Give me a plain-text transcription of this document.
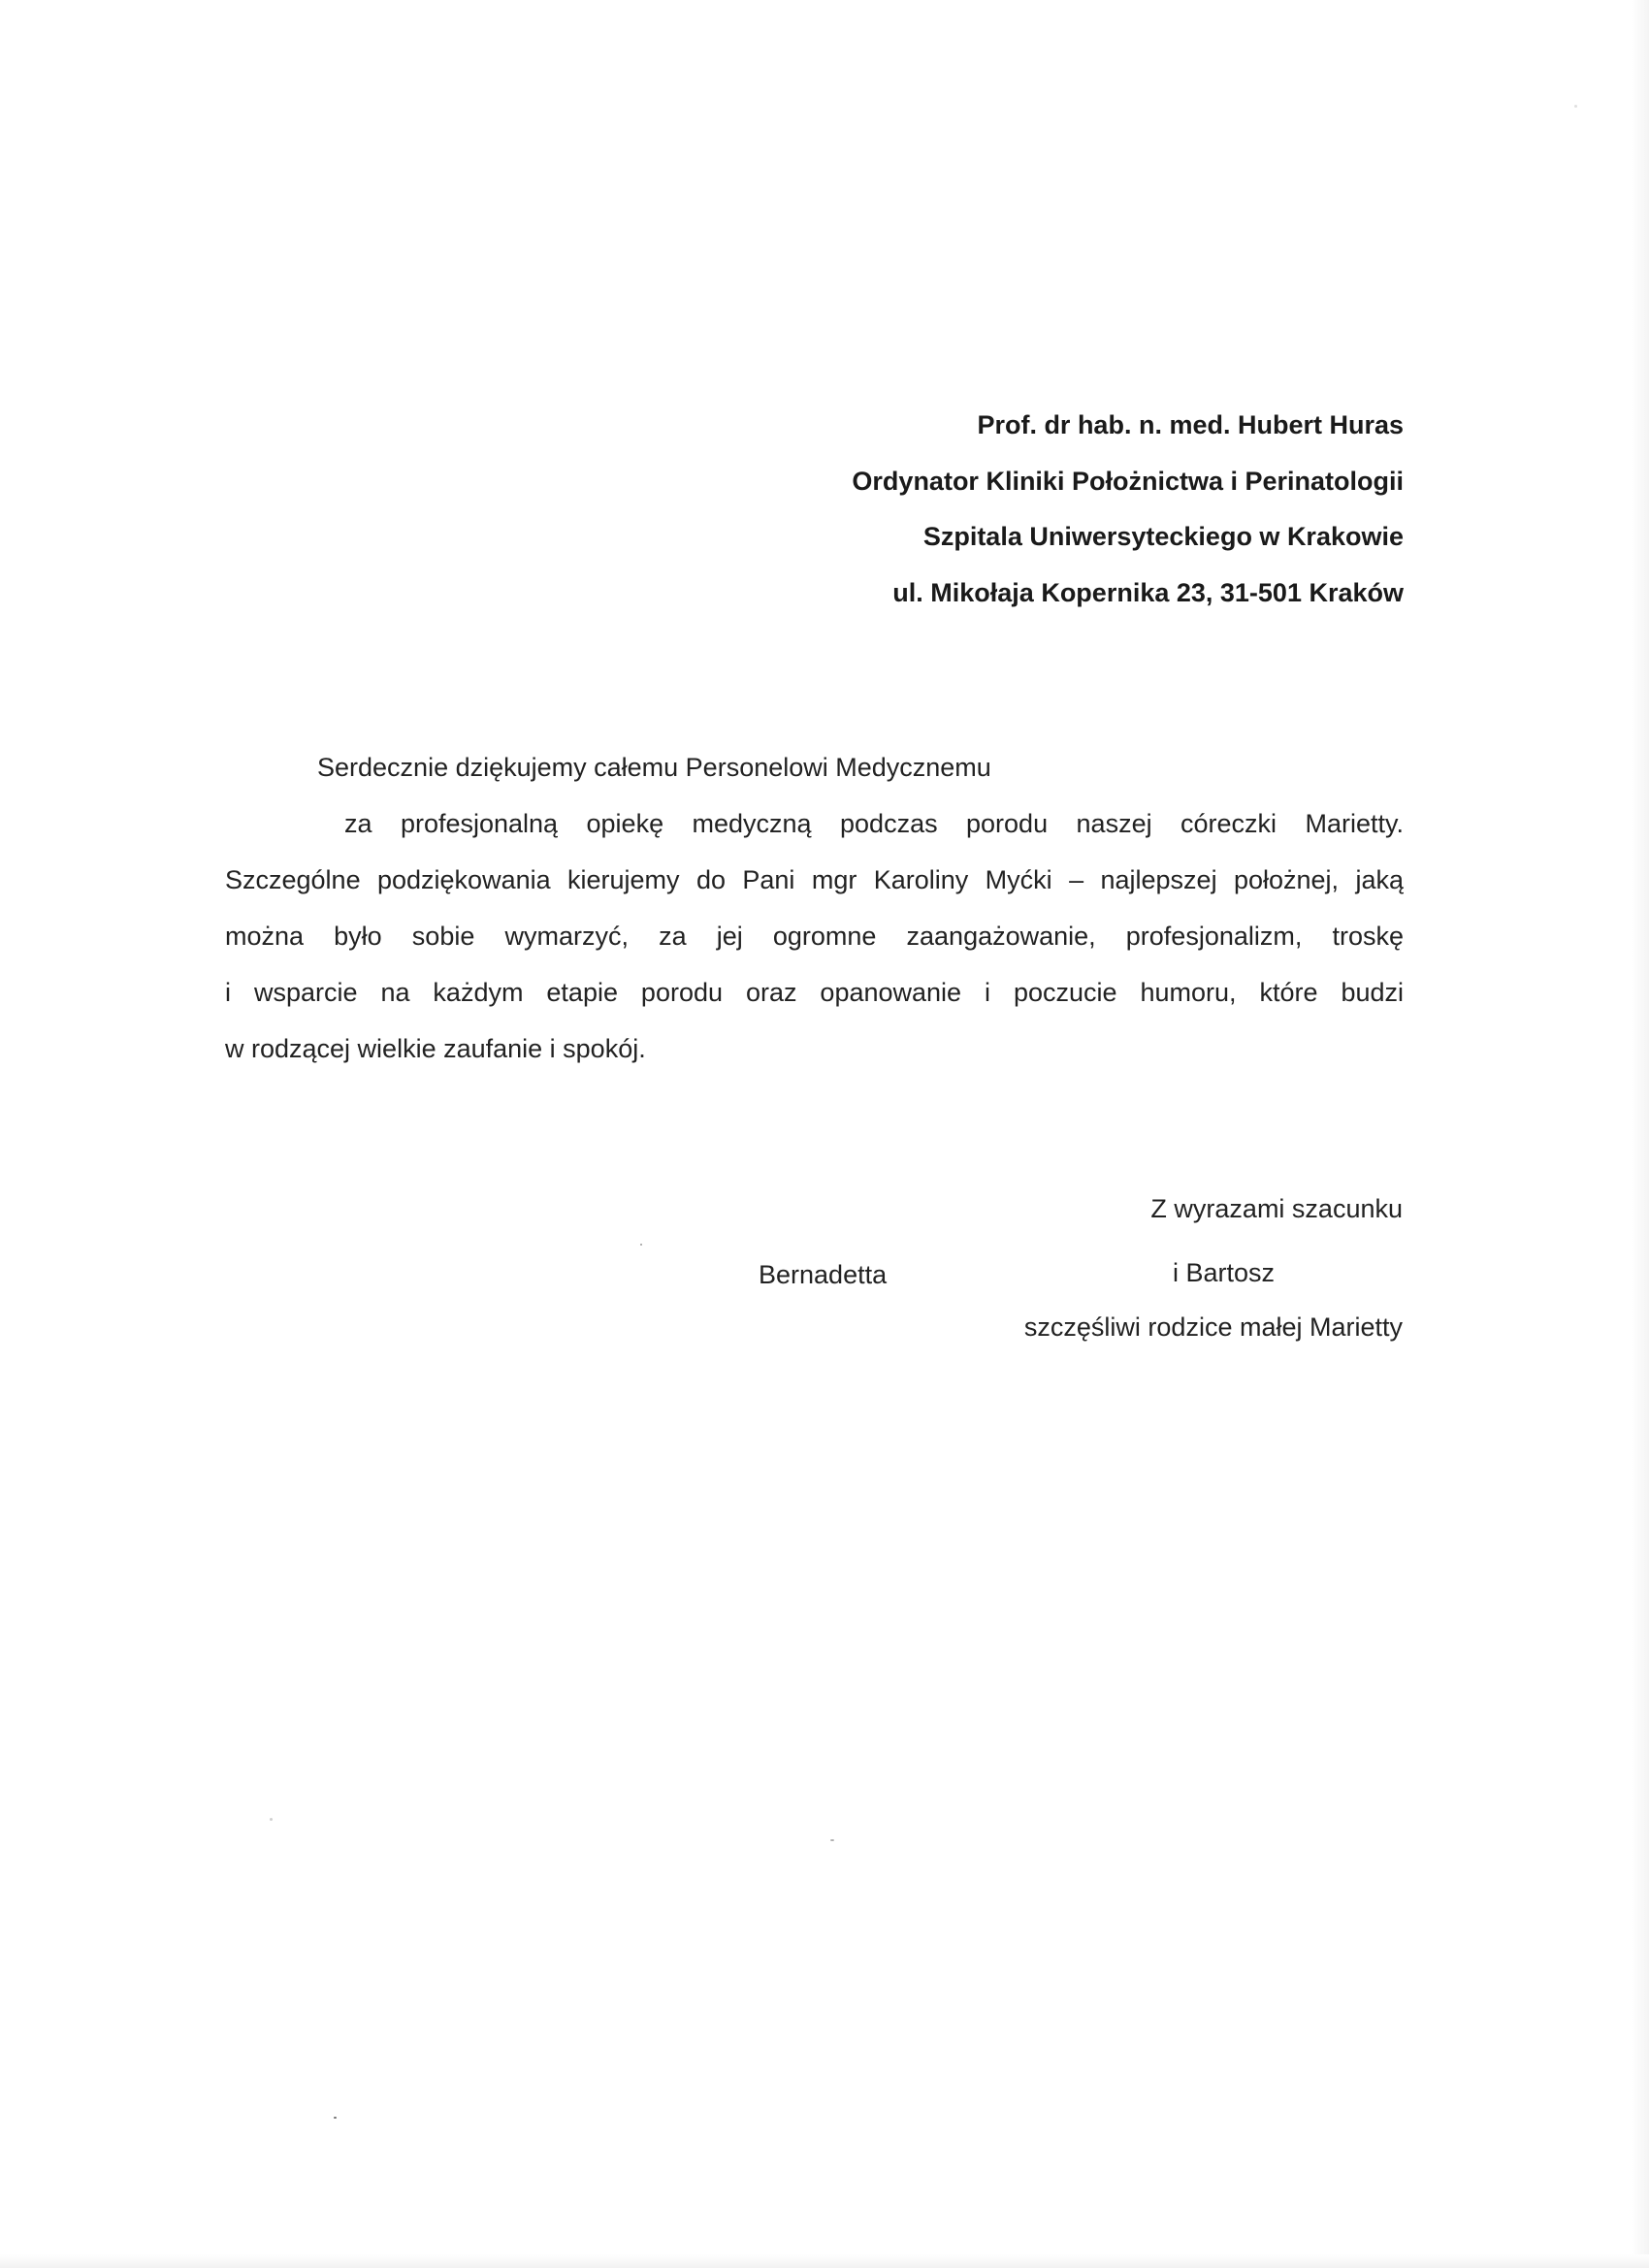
Prof. dr hab. n. med. Hubert Huras
Ordynator Kliniki Położnictwa i Perinatologii
Szpitala Uniwersyteckiego w Krakowie
ul. Mikołaja Kopernika 23, 31-501 Kraków
Serdecznie dziękujemy całemu Personelowi Medycznemu
za profesjonalną opiekę medyczną podczas porodu naszej córeczki Marietty.
Szczególne podziękowania kierujemy do Pani mgr Karoliny Myćki – najlepszej położnej, jaką
można było sobie wymarzyć, za jej ogromne zaangażowanie, profesjonalizm, troskę
i wsparcie na każdym etapie porodu oraz opanowanie i poczucie humoru, które budzi
w rodzącej wielkie zaufanie i spokój.
Z wyrazami szacunku
Bernadetta	i Bartosz
szczęśliwi rodzice małej Marietty
